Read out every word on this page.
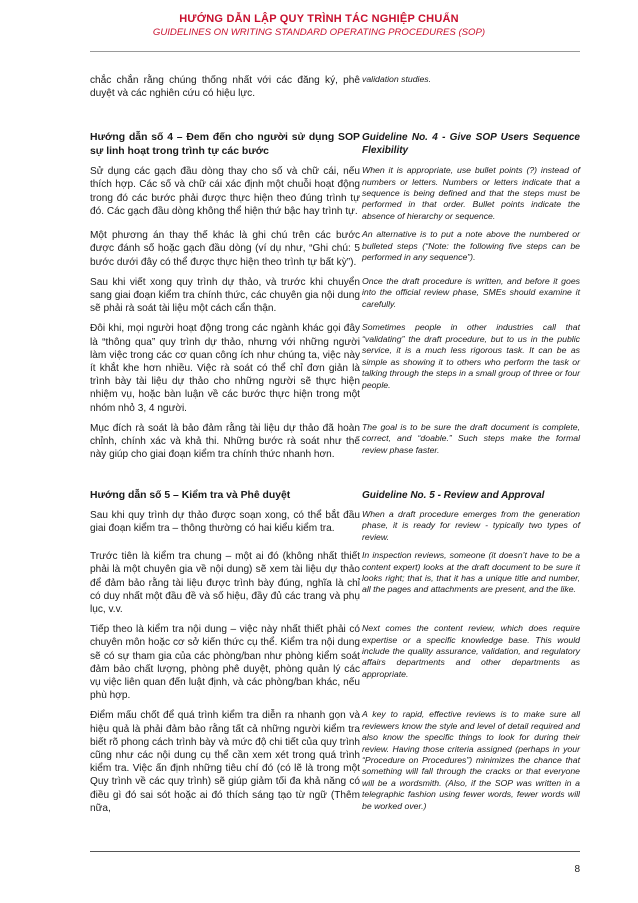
HƯỚNG DẪN LẬP QUY TRÌNH TÁC NGHIỆP CHUẨN
GUIDELINES ON WRITING STANDARD OPERATING PROCEDURES (SOP)
chắc chắn rằng chúng thống nhất với các đăng ký, phê duyệt và các nghiên cứu có hiệu lực.
validation studies.
Hướng dẫn số 4 – Đem đến cho người sử dụng SOP sự linh hoạt trong trình tự các bước
Guideline No. 4 - Give SOP Users Sequence Flexibility
Sử dụng các gạch đầu dòng thay cho số và chữ cái, nếu thích hợp. Các số và chữ cái xác định một chuỗi hoạt động trong đó các bước phải được thực hiện theo đúng trình tự đó. Các gạch đầu dòng không thể hiện thứ bậc hay trình tự.
When it is appropriate, use bullet points (?) instead of numbers or letters. Numbers or letters indicate that a sequence is being defined and that the steps must be performed in that order. Bullet points indicate the absence of hierarchy or sequence.
Một phương án thay thế khác là ghi chú trên các bước được đánh số hoặc gạch đầu dòng (ví dụ như, “Ghi chú: 5 bước dưới đây có thể được thực hiện theo trình tự bất kỳ”).
An alternative is to put a note above the numbered or bulleted steps (“Note: the following five steps can be performed in any sequence”).
Sau khi viết xong quy trình dự thảo, và trước khi chuyển sang giai đoạn kiểm tra chính thức, các chuyên gia nội dung sẽ phải rà soát tài liệu một cách cẩn thận.
Once the draft procedure is written, and before it goes into the official review phase, SMEs should examine it carefully.
Đôi khi, mọi người hoạt động trong các ngành khác gọi đây là “thông qua” quy trình dự thảo, nhưng với những người làm việc trong các cơ quan công ích như chúng ta, việc này ít khắt khe hơn nhiều. Việc rà soát có thể chỉ đơn giản là trình bày tài liệu dự thảo cho những người sẽ thực hiện nhiệm vụ, hoặc bàn luận về các bước thực hiện trong một nhóm nhỏ 3, 4 người.
Sometimes people in other industries call that “validating” the draft procedure, but to us in the public service, it is a much less rigorous task. It can be as simple as showing it to others who perform the task or talking through the steps in a small group of three or four people.
Mục đích rà soát là bảo đảm rằng tài liệu dự thảo đã hoàn chỉnh, chính xác và khả thi. Những bước rà soát như thế này giúp cho giai đoạn kiểm tra chính thức nhanh hơn.
The goal is to be sure the draft document is complete, correct, and “doable.” Such steps make the formal review phase faster.
Hướng dẫn số 5 – Kiểm tra và Phê duyệt	Guideline No. 5 - Review and Approval
Sau khi quy trình dự thảo được soạn xong, có thể bắt đầu giai đoạn kiểm tra – thông thường có hai kiểu kiểm tra.
When a draft procedure emerges from the generation phase, it is ready for review - typically two types of review.
Trước tiên là kiểm tra chung – một ai đó (không nhất thiết phải là một chuyên gia về nội dung) sẽ xem tài liệu dự thảo để đảm bảo rằng tài liệu được trình bày đúng, nghĩa là chỉ có duy nhất một đầu đề và số hiệu, đầy đủ các trang và phụ lục, v.v.
In inspection reviews, someone (it doesn’t have to be a content expert) looks at the draft document to be sure it looks right; that is, that it has a unique title and number, all the pages and attachments are present, and the like.
Tiếp theo là kiểm tra nội dung – việc này nhất thiết phải có chuyên môn hoặc cơ sở kiến thức cụ thể. Kiểm tra nội dung sẽ có sự tham gia của các phòng/ban như phòng kiểm soát đảm bảo chất lượng, phòng phê duyệt, phòng quản lý các vụ việc liên quan đến luật định, và các phòng/ban khác, nếu phù hợp.
Next comes the content review, which does require expertise or a specific knowledge base. This would include the quality assurance, validation, and regulatory affairs departments and other departments as appropriate.
Điểm mấu chốt để quá trình kiểm tra diễn ra nhanh gọn và hiệu quả là phải đảm bảo rằng tất cả những người kiểm tra biết rõ phong cách trình bày và mức độ chi tiết của quy trình cũng như các nội dung cụ thể cần xem xét trong quá trình kiểm tra. Việc ấn định những tiêu chí đó (có lẽ là trong một Quy trình về các quy trình) sẽ giúp giảm tối đa khả năng có điều gì đó sai sót hoặc ai đó thích sáng tạo từ ngữ (Thêm nữa,
A key to rapid, effective reviews is to make sure all reviewers know the style and level of detail required and also know the specific things to look for during their review. Having those criteria assigned (perhaps in your “Procedure on Procedures”) minimizes the chance that something will fall through the cracks or that everyone will be a wordsmith. (Also, if the SOP was written in a telegraphic fashion using fewer words, fewer words will be worked over.)
8
